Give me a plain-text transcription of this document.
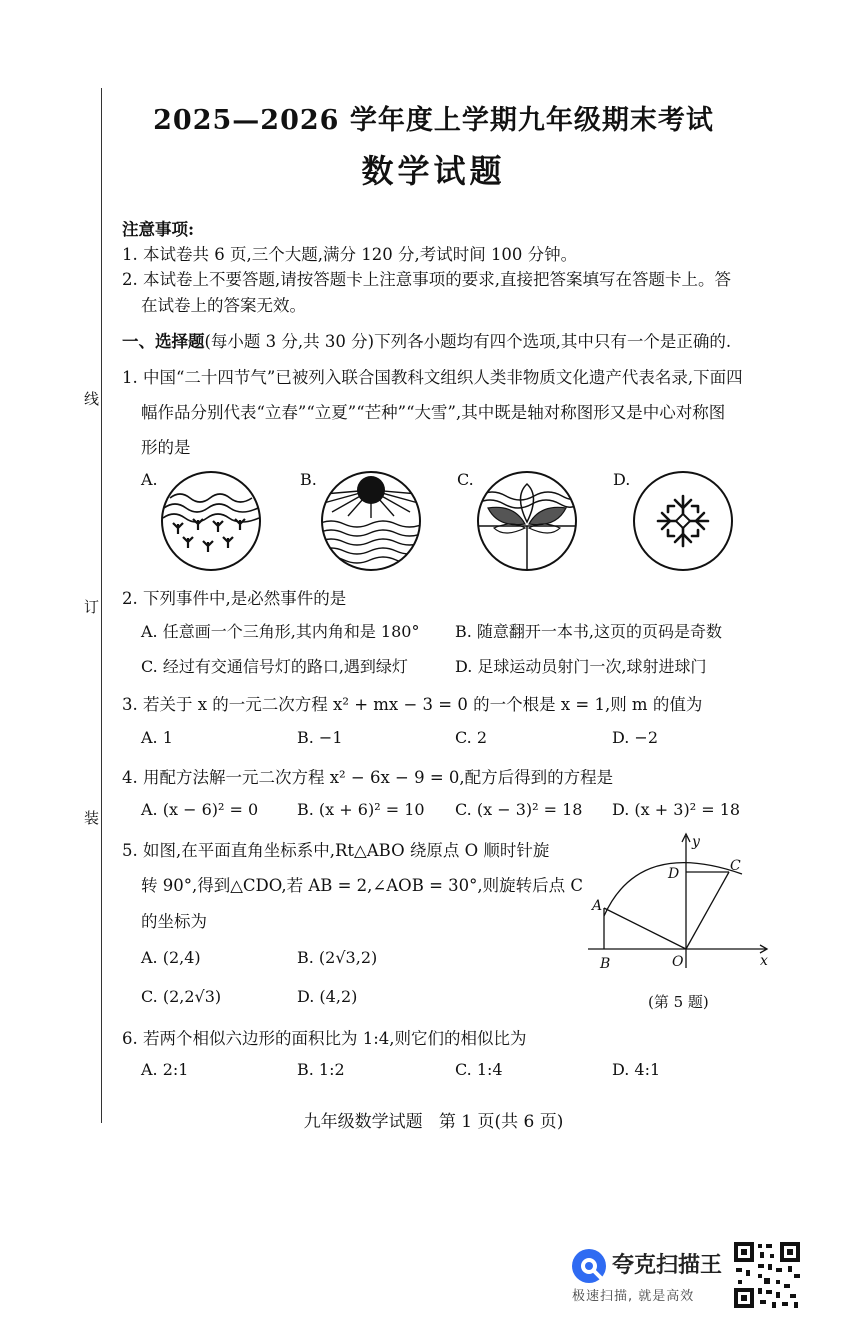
线
订
装
2025—2026 学年度上学期九年级期末考试
数学试题
注意事项:
1. 本试卷共 6 页,三个大题,满分 120 分,考试时间 100 分钟。
2. 本试卷上不要答题,请按答题卡上注意事项的要求,直接把答案填写在答题卡上。答
在试卷上的答案无效。
一、选择题(每小题 3 分,共 30 分)下列各小题均有四个选项,其中只有一个是正确的.
1. 中国“二十四节气”已被列入联合国教科文组织人类非物质文化遗产代表名录,下面四
幅作品分别代表“立春”“立夏”“芒种”“大雪”,其中既是轴对称图形又是中心对称图
形的是
A.	B.	C.	D.
2. 下列事件中,是必然事件的是
A. 任意画一个三角形,其内角和是 180° B. 随意翻开一本书,这页的页码是奇数
C. 经过有交通信号灯的路口,遇到绿灯	D. 足球运动员射门一次,球射进球门
3. 若关于 x 的一元二次方程 x² + mx − 3 = 0 的一个根是 x = 1,则 m 的值为
A. 1	B. −1	C. 2	D. −2
4. 用配方法解一元二次方程 x² − 6x − 9 = 0,配方后得到的方程是
A. (x − 6)² = 0 B. (x + 6)² = 10 C. (x − 3)² = 18 D. (x + 3)² = 18
5. 如图,在平面直角坐标系中,Rt△ABO 绕原点 O 顺时针旋
转 90°,得到△CDO,若 AB = 2,∠AOB = 30°,则旋转后点 C
的坐标为
A. (2,4)	B. (2√3,2)
C. (2,2√3)	D. (4,2)
y
x
C
D
A
B	O
(第 5 题)
6. 若两个相似六边形的面积比为 1:4,则它们的相似比为
A. 2:1	B. 1:2	C. 1:4	D. 4:1
九年级数学试题   第 1 页(共 6 页)
夸克扫描王
极速扫描, 就是高效
